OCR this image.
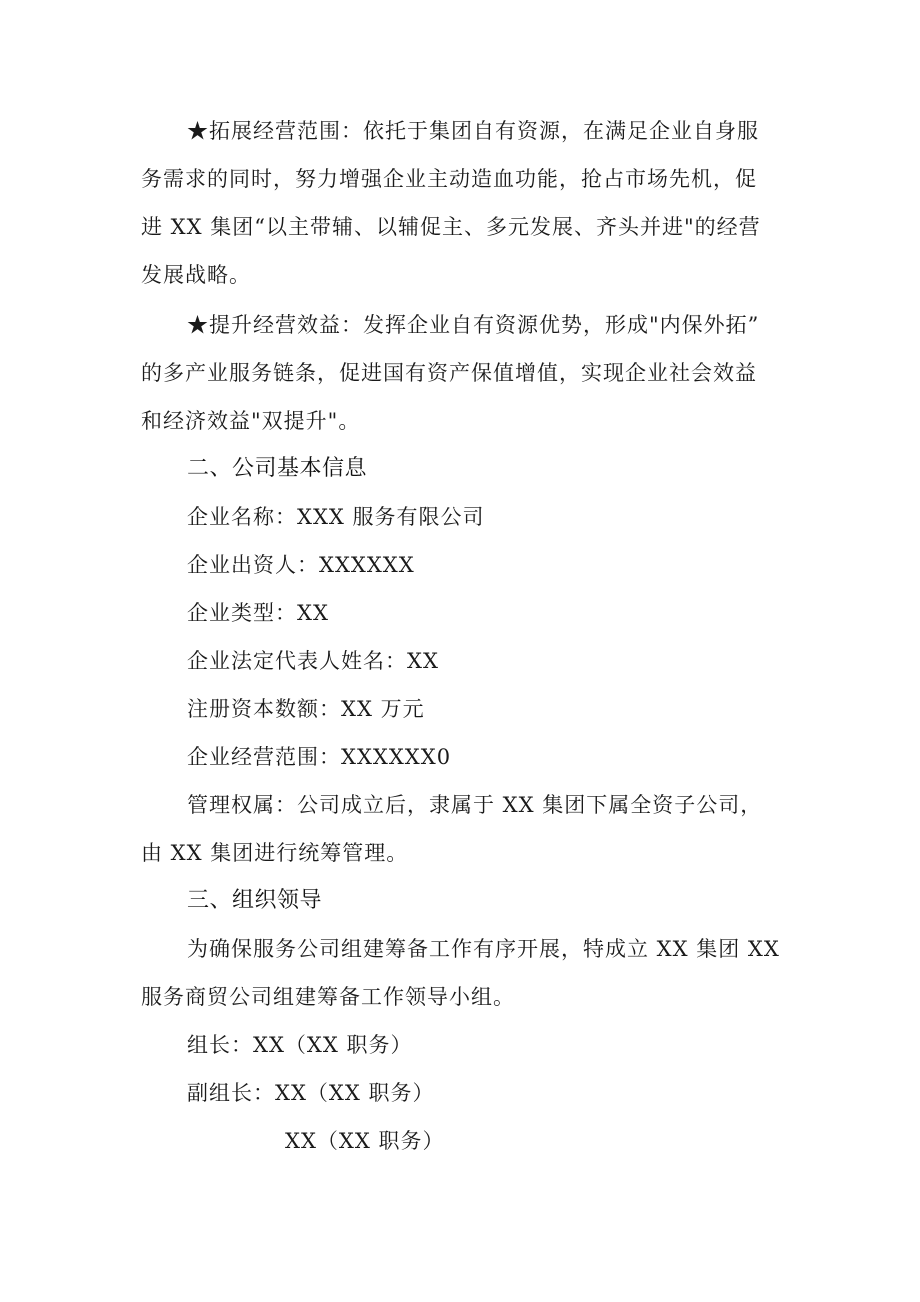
★拓展经营范围：依托于集团自有资源，在满足企业自身服

务需求的同时，努力增强企业主动造血功能，抢占市场先机，促

进 XX 集团“以主带辅、以辅促主、多元发展、齐头并进"的经营

发展战略。

★提升经营效益：发挥企业自有资源优势，形成"内保外拓”

的多产业服务链条，促进国有资产保值增值，实现企业社会效益

和经济效益"双提升"。

二、公司基本信息

企业名称：XXX 服务有限公司

企业出资人：XXXXXX

企业类型：XX

企业法定代表人姓名：XX

注册资本数额：XX 万元

企业经营范围：XXXXXX0

管理权属：公司成立后，隶属于 XX 集团下属全资子公司，

由 XX 集团进行统筹管理。

三、组织领导

为确保服务公司组建筹备工作有序开展，特成立 XX 集团 XX

服务商贸公司组建筹备工作领导小组。

组长：XX（XX 职务）

副组长：XX（XX 职务）

XX（XX 职务）
